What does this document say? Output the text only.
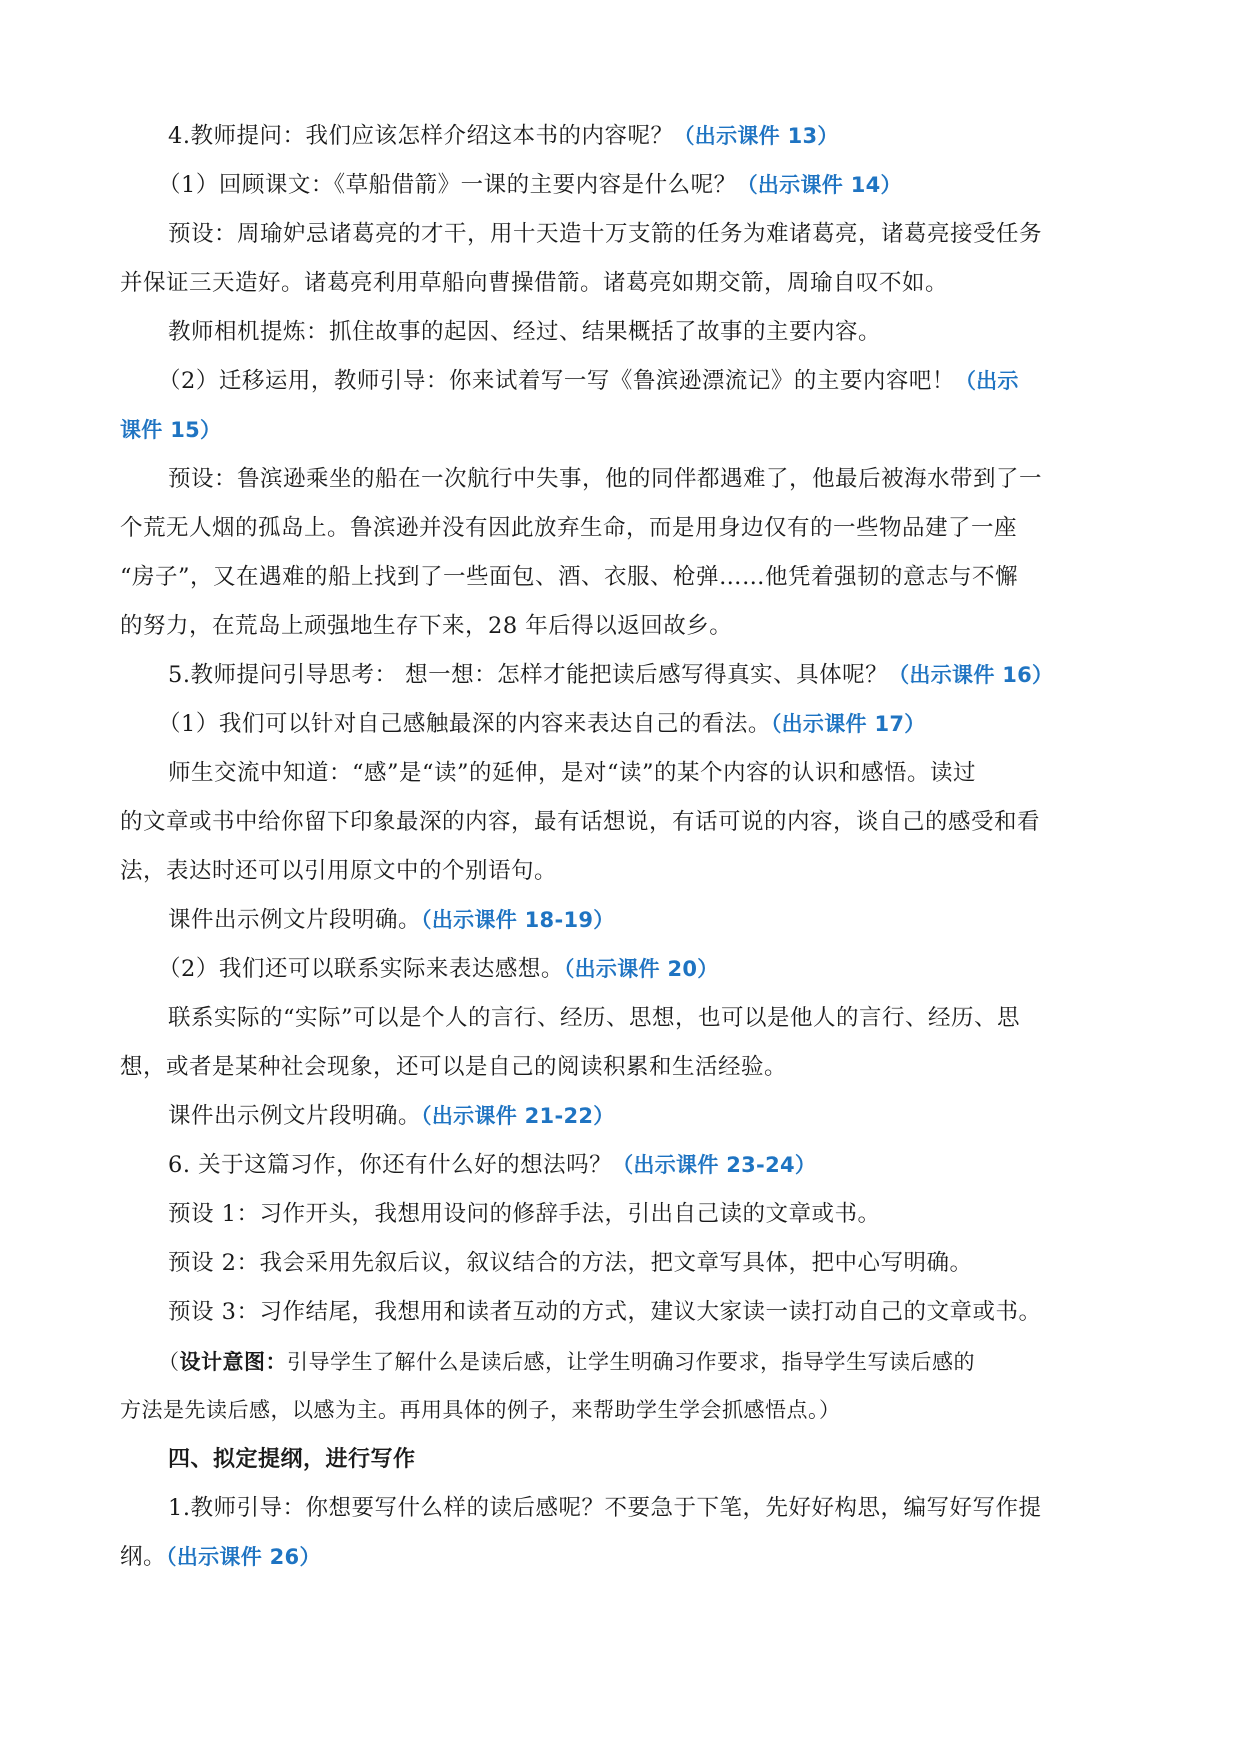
4.教师提问：我们应该怎样介绍这本书的内容呢？（出示课件 13）
（1）回顾课文：《草船借箭》一课的主要内容是什么呢？（出示课件 14）
预设：周瑜妒忌诸葛亮的才干，用十天造十万支箭的任务为难诸葛亮，诸葛亮接受任务
并保证三天造好。诸葛亮利用草船向曹操借箭。诸葛亮如期交箭，周瑜自叹不如。
教师相机提炼：抓住故事的起因、经过、结果概括了故事的主要内容。
（2）迁移运用，教师引导：你来试着写一写《鲁滨逊漂流记》的主要内容吧！（出示
课件 15）
预设：鲁滨逊乘坐的船在一次航行中失事，他的同伴都遇难了，他最后被海水带到了一
个荒无人烟的孤岛上。鲁滨逊并没有因此放弃生命，而是用身边仅有的一些物品建了一座
“房子”，又在遇难的船上找到了一些面包、酒、衣服、枪弹……他凭着强韧的意志与不懈
的努力，在荒岛上顽强地生存下来，28 年后得以返回故乡。
5.教师提问引导思考： 想一想：怎样才能把读后感写得真实、具体呢？（出示课件 16）
（1）我们可以针对自己感触最深的内容来表达自己的看法。（出示课件 17）
师生交流中知道：“感”是“读”的延伸，是对“读”的某个内容的认识和感悟。读过
的文章或书中给你留下印象最深的内容，最有话想说，有话可说的内容，谈自己的感受和看
法，表达时还可以引用原文中的个别语句。
课件出示例文片段明确。（出示课件 18-19）
（2）我们还可以联系实际来表达感想。（出示课件 20）
联系实际的“实际”可以是个人的言行、经历、思想，也可以是他人的言行、经历、思
想，或者是某种社会现象，还可以是自己的阅读积累和生活经验。
课件出示例文片段明确。（出示课件 21-22）
6. 关于这篇习作，你还有什么好的想法吗？（出示课件 23-24）
预设 1：习作开头，我想用设问的修辞手法，引出自己读的文章或书。
预设 2：我会采用先叙后议，叙议结合的方法，把文章写具体，把中心写明确。
预设 3：习作结尾，我想用和读者互动的方式，建议大家读一读打动自己的文章或书。
（设计意图：引导学生了解什么是读后感，让学生明确习作要求，指导学生写读后感的
方法是先读后感，以感为主。再用具体的例子，来帮助学生学会抓感悟点。）
四、拟定提纲，进行写作
1.教师引导：你想要写什么样的读后感呢？不要急于下笔，先好好构思，编写好写作提
纲。（出示课件 26）
